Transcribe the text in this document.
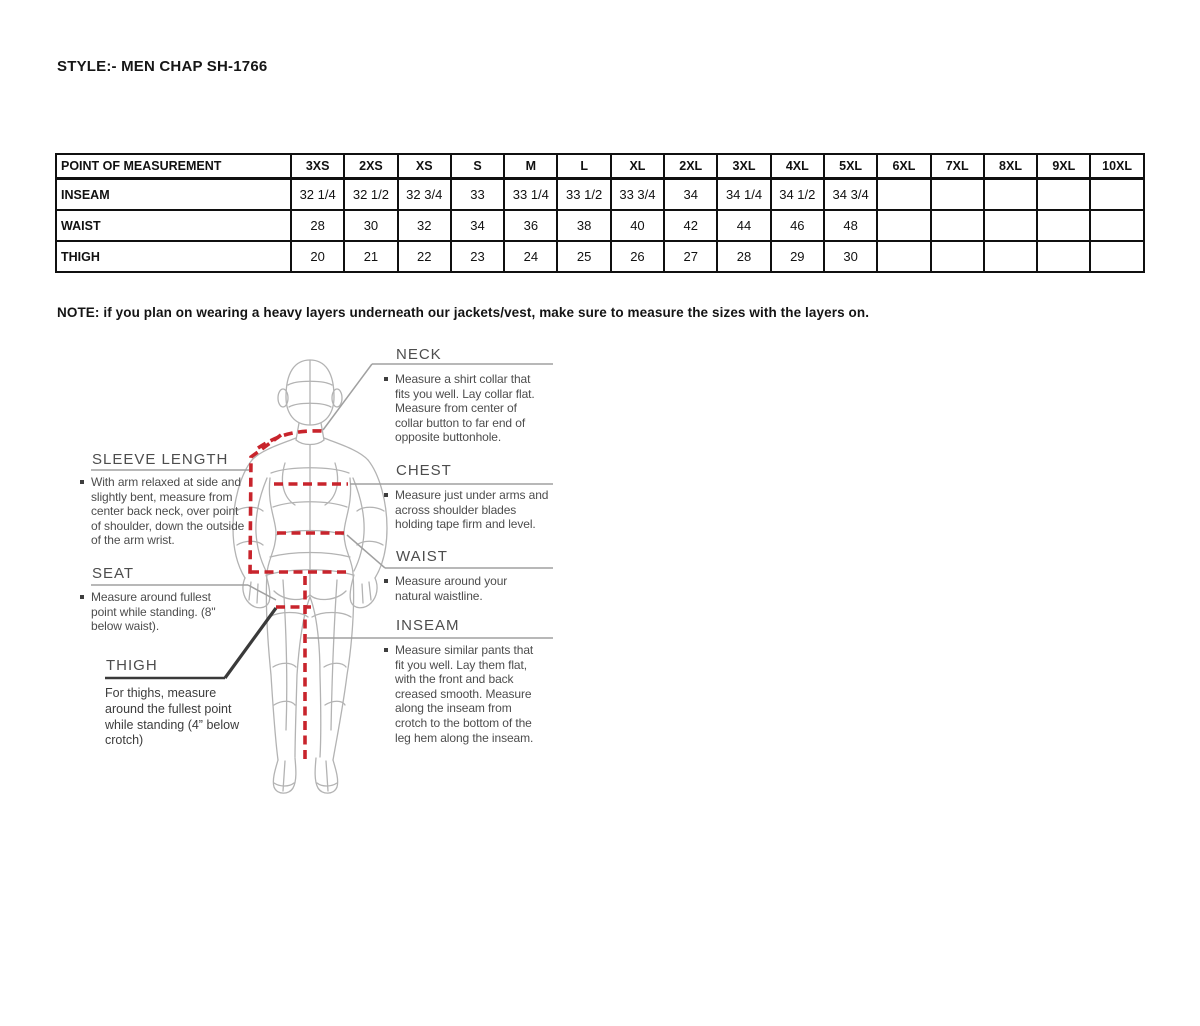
STYLE:- MEN CHAP SH-1766
POINT OF MEASUREMENT	3XS	2XS	XS	S	M	L	XL	2XL	3XL	4XL	5XL	6XL	7XL	8XL	9XL	10XL
INSEAM	32 1/4	32 1/2	32 3/4	33	33 1/4	33 1/2	33 3/4	34	34 1/4	34 1/2	34 3/4					
WAIST	28	30	32	34	36	38	40	42	44	46	48					
THIGH	20	21	22	23	24	25	26	27	28	29	30					
NOTE: if you plan on wearing a heavy layers underneath our jackets/vest, make sure to measure the sizes with the layers on.
NECK
Measure a shirt collar that fits you well. Lay collar flat. Measure from center of collar button to far end of opposite buttonhole.
SLEEVE LENGTH
With arm relaxed at side and slightly bent, measure from center back neck, over point of shoulder, down the outside of the arm wrist.
CHEST
Measure just under arms and across shoulder blades holding tape firm and level.
WAIST
Measure around your natural waistline.
SEAT
Measure around fullest point while standing. (8" below waist).	INSEAM
Measure similar pants that fit you well. Lay them flat, with the front and back creased smooth. Measure along the inseam from crotch to the bottom of the leg hem along the inseam.
THIGH
For thighs, measure around the fullest point while standing (4” below crotch)
